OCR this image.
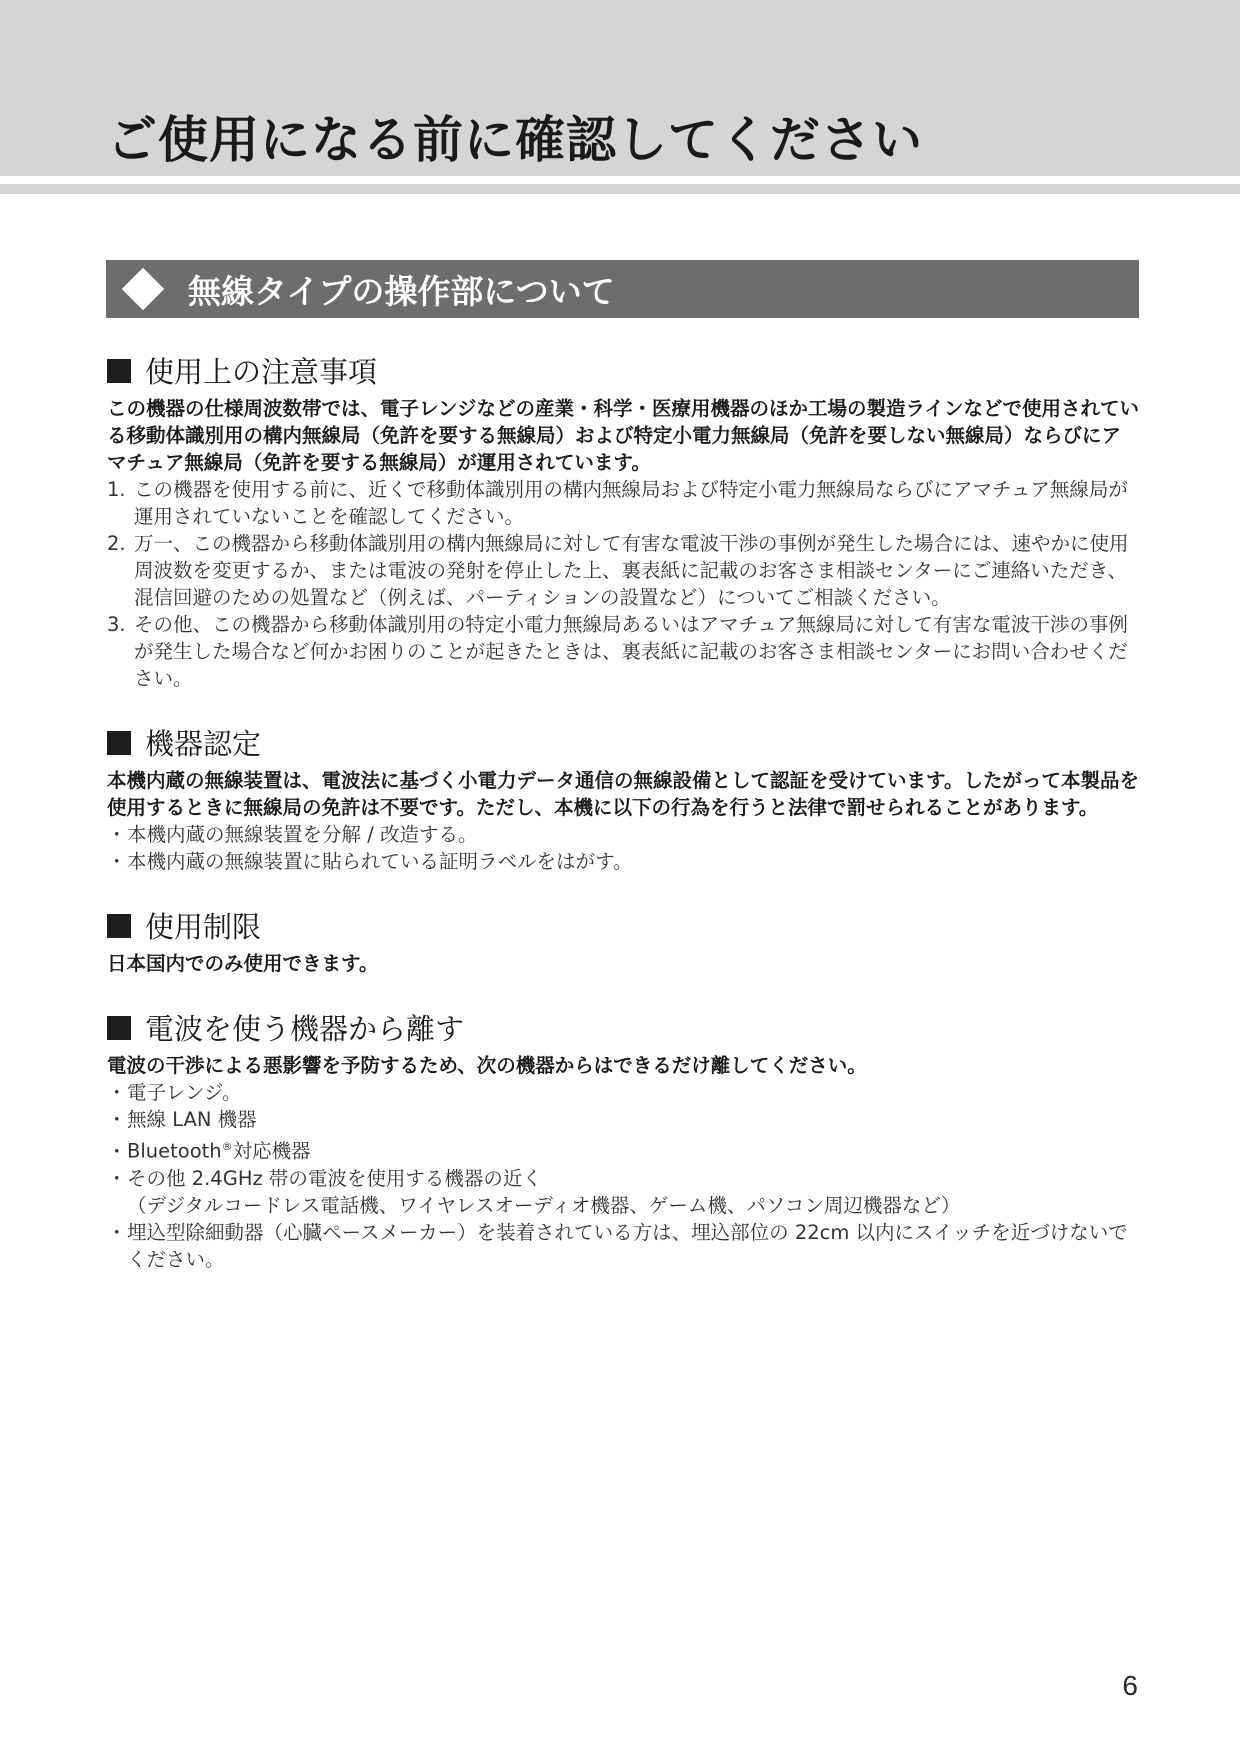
ご使用になる前に確認してください
無線タイプの操作部について
使用上の注意事項

この機器の仕様周波数帯では、電子レンジなどの産業・科学・医療用機器のほか工場の製造ラインなどで使用されている移動体識別用の構内無線局（免許を要する無線局）および特定小電力無線局（免許を要しない無線局）ならびにアマチュア無線局（免許を要する無線局）が運用されています。

1. この機器を使用する前に、近くで移動体識別用の構内無線局および特定小電力無線局ならびにアマチュア無線局が運用されていないことを確認してください。
2. 万一、この機器から移動体識別用の構内無線局に対して有害な電波干渉の事例が発生した場合には、速やかに使用周波数を変更するか、または電波の発射を停止した上、裏表紙に記載のお客さま相談センターにご連絡いただき、混信回避のための処置など（例えば、パーティションの設置など）についてご相談ください。
3. その他、この機器から移動体識別用の特定小電力無線局あるいはアマチュア無線局に対して有害な電波干渉の事例が発生した場合など何かお困りのことが起きたときは、裏表紙に記載のお客さま相談センターにお問い合わせください。
機器認定

本機内蔵の無線装置は、電波法に基づく小電力データ通信の無線設備として認証を受けています。したがって本製品を使用するときに無線局の免許は不要です。ただし、本機に以下の行為を行うと法律で罰せられることがあります。

・本機内蔵の無線装置を分解 / 改造する。
・本機内蔵の無線装置に貼られている証明ラベルをはがす。
使用制限

日本国内でのみ使用できます。

電波を使う機器から離す

電波の干渉による悪影響を予防するため、次の機器からはできるだけ離してください。

・電子レンジ。
・無線 LAN 機器
・Bluetooth®対応機器
・その他 2.4GHz 帯の電波を使用する機器の近く
（デジタルコードレス電話機、ワイヤレスオーディオ機器、ゲーム機、パソコン周辺機器など）
・埋込型除細動器（心臓ペースメーカー）を装着されている方は、埋込部位の 22cm 以内にスイッチを近づけないでください。
6
